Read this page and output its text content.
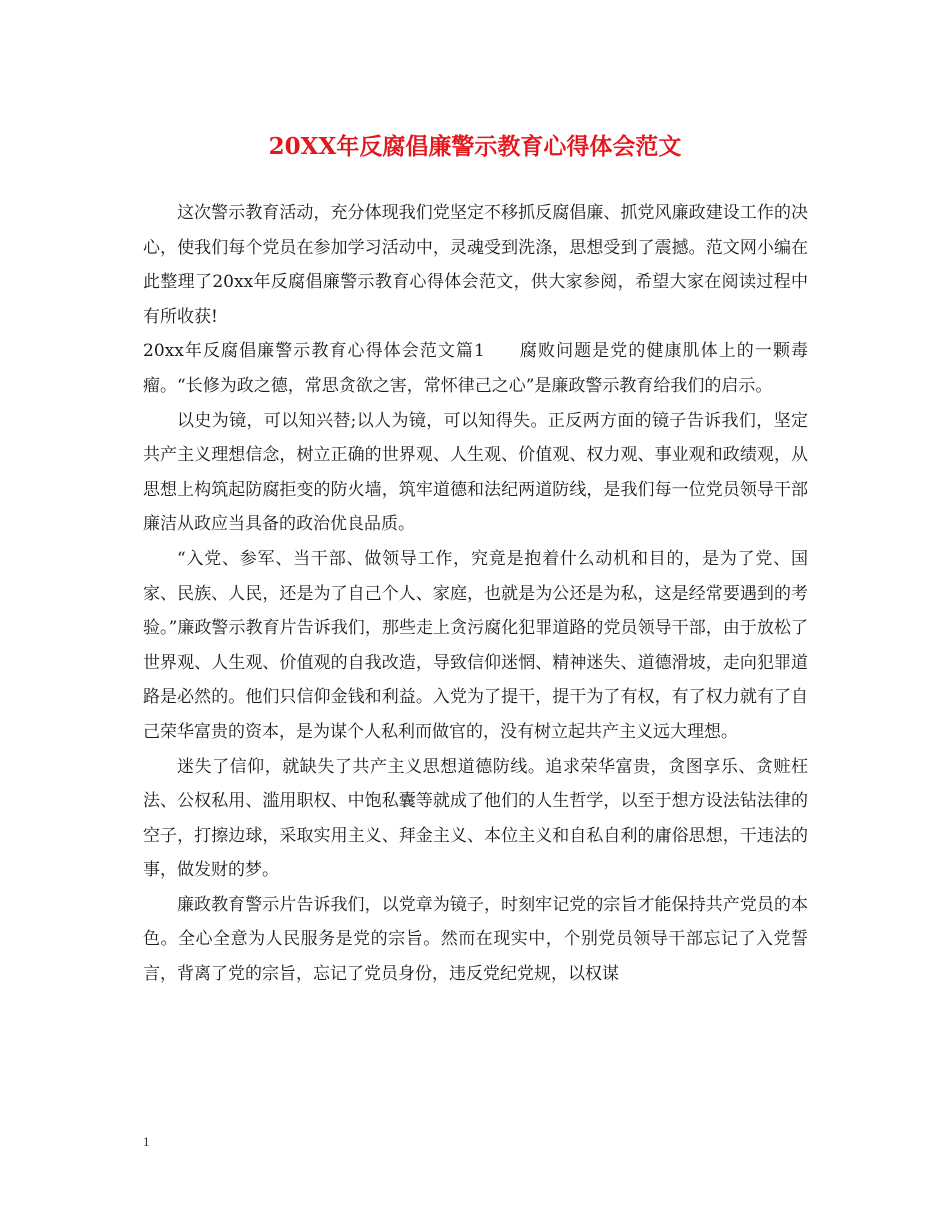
20XX年反腐倡廉警示教育心得体会范文

这次警示教育活动，充分体现我们党坚定不移抓反腐倡廉、抓党风廉政建设工作的决心，使我们每个党员在参加学习活动中，灵魂受到洗涤，思想受到了震撼。范文网小编在此整理了20xx年反腐倡廉警示教育心得体会范文，供大家参阅，希望大家在阅读过程中有所收获!

20xx年反腐倡廉警示教育心得体会范文篇1 腐败问题是党的健康肌体上的一颗毒瘤。“长修为政之德，常思贪欲之害，常怀律己之心”是廉政警示教育给我们的启示。

以史为镜，可以知兴替;以人为镜，可以知得失。正反两方面的镜子告诉我们，坚定共产主义理想信念，树立正确的世界观、人生观、价值观、权力观、事业观和政绩观，从思想上构筑起防腐拒变的防火墙，筑牢道德和法纪两道防线，是我们每一位党员领导干部廉洁从政应当具备的政治优良品质。

“入党、参军、当干部、做领导工作，究竟是抱着什么动机和目的，是为了党、国家、民族、人民，还是为了自己个人、家庭，也就是为公还是为私，这是经常要遇到的考验。”廉政警示教育片告诉我们，那些走上贪污腐化犯罪道路的党员领导干部，由于放松了世界观、人生观、价值观的自我改造，导致信仰迷惘、精神迷失、道德滑坡，走向犯罪道路是必然的。他们只信仰金钱和利益。入党为了提干，提干为了有权，有了权力就有了自己荣华富贵的资本，是为谋个人私利而做官的，没有树立起共产主义远大理想。

迷失了信仰，就缺失了共产主义思想道德防线。追求荣华富贵，贪图享乐、贪赃枉法、公权私用、滥用职权、中饱私囊等就成了他们的人生哲学，以至于想方设法钻法律的空子，打擦边球，采取实用主义、拜金主义、本位主义和自私自利的庸俗思想，干违法的事，做发财的梦。

廉政教育警示片告诉我们，以党章为镜子，时刻牢记党的宗旨才能保持共产党员的本色。全心全意为人民服务是党的宗旨。然而在现实中，个别党员领导干部忘记了入党誓言，背离了党的宗旨，忘记了党员身份，违反党纪党规，以权谋

1
